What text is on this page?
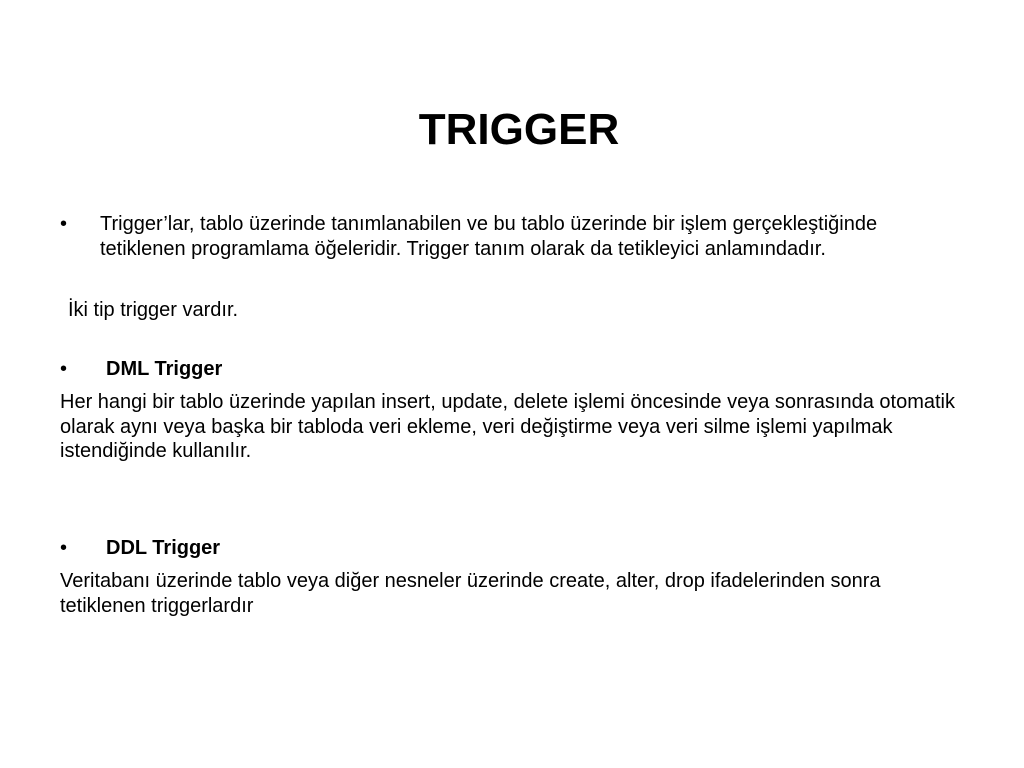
TRIGGER
• Trigger’lar, tablo üzerinde tanımlanabilen ve bu tablo üzerinde bir işlem gerçekleştiğinde tetiklenen programlama öğeleridir. Trigger tanım olarak da tetikleyici anlamındadır.

İki tip trigger vardır.

• DML Trigger

Her hangi bir tablo üzerinde yapılan insert, update, delete işlemi öncesinde veya sonrasında otomatik olarak aynı veya başka bir tabloda veri ekleme, veri değiştirme veya veri silme işlemi yapılmak istendiğinde kullanılır.

• DDL Trigger

Veritabanı üzerinde tablo veya diğer nesneler üzerinde create, alter, drop ifadelerinden sonra tetiklenen triggerlardır
